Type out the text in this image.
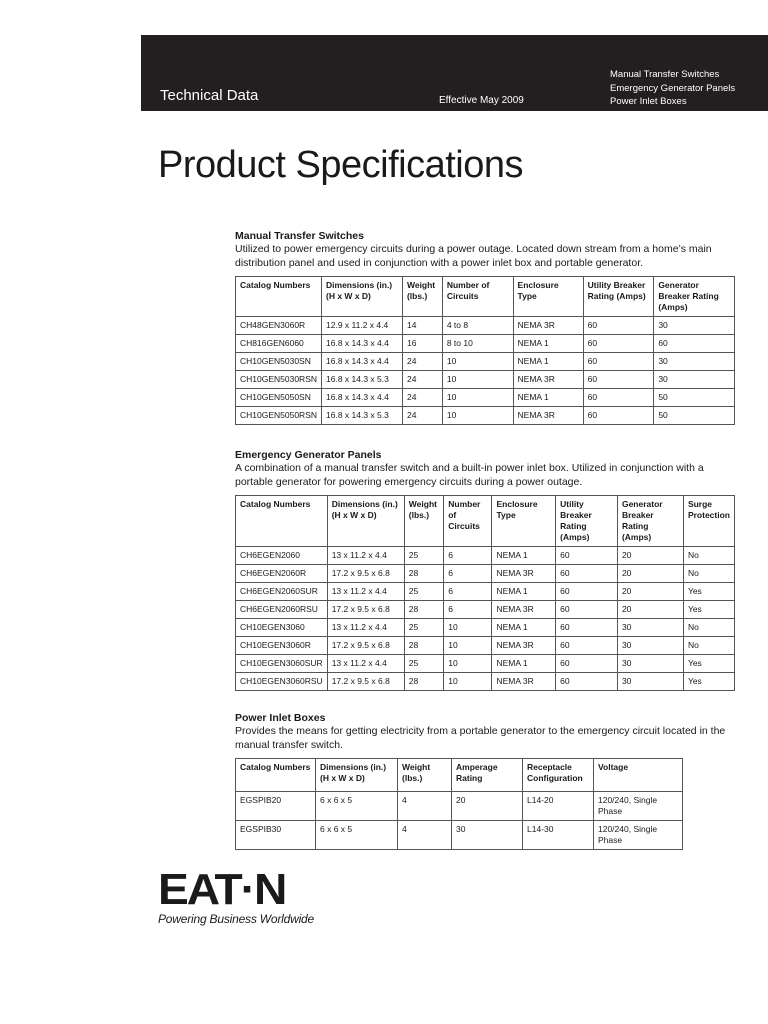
Technical Data	Effective May 2009
Manual Transfer Switches
Emergency Generator Panels
Power Inlet Boxes
Product Specifications
Manual Transfer Switches

Utilized to power emergency circuits during a power outage. Located down stream from a home’s main distribution panel and used in conjunction with a power inlet box and portable generator.

Catalog Numbers	Dimensions (in.) (H x W x D)	Weight (lbs.)	Number of Circuits	Enclosure Type	Utility Breaker Rating (Amps)	Generator Breaker Rating (Amps)
CH48GEN3060R	12.9 x 11.2 x 4.4	14	4 to 8	NEMA 3R	60	30
CH816GEN6060	16.8 x 14.3 x 4.4	16	8 to 10	NEMA 1	60	60
CH10GEN5030SN	16.8 x 14.3 x 4.4	24	10	NEMA 1	60	30
CH10GEN5030RSN	16.8 x 14.3 x 5.3	24	10	NEMA 3R	60	30
CH10GEN5050SN	16.8 x 14.3 x 4.4	24	10	NEMA 1	60	50
CH10GEN5050RSN	16.8 x 14.3 x 5.3	24	10	NEMA 3R	60	50
Emergency Generator Panels

A combination of a manual transfer switch and a built-in power inlet box. Utilized in conjunction with a portable generator for powering emergency circuits during a power outage.

Catalog Numbers	Dimensions (in.) (H x W x D)	Weight (lbs.)	Number of Circuits	Enclosure Type	Utility Breaker Rating (Amps)	Generator Breaker Rating (Amps)	Surge Protection
CH6EGEN2060	13 x 11.2 x 4.4	25	6	NEMA 1	60	20	No
CH6EGEN2060R	17.2 x 9.5 x 6.8	28	6	NEMA 3R	60	20	No
CH6EGEN2060SUR	13 x 11.2 x 4.4	25	6	NEMA 1	60	20	Yes
CH6EGEN2060RSU	17.2 x 9.5 x 6.8	28	6	NEMA 3R	60	20	Yes
CH10EGEN3060	13 x 11.2 x 4.4	25	10	NEMA 1	60	30	No
CH10EGEN3060R	17.2 x 9.5 x 6.8	28	10	NEMA 3R	60	30	No
CH10EGEN3060SUR	13 x 11.2 x 4.4	25	10	NEMA 1	60	30	Yes
CH10EGEN3060RSU	17.2 x 9.5 x 6.8	28	10	NEMA 3R	60	30	Yes
Power Inlet Boxes

Provides the means for getting electricity from a portable generator to the emergency circuit located in the manual transfer switch.

Catalog Numbers	Dimensions (in.) (H x W x D)	Weight (lbs.)	Amperage Rating	Receptacle Configuration	Voltage
EGSPIB20	6 x 6 x 5	4	20	L14-20	120/240, Single Phase
EGSPIB30	6 x 6 x 5	4	30	L14-30	120/240, Single Phase
EAT·N
Powering Business Worldwide
